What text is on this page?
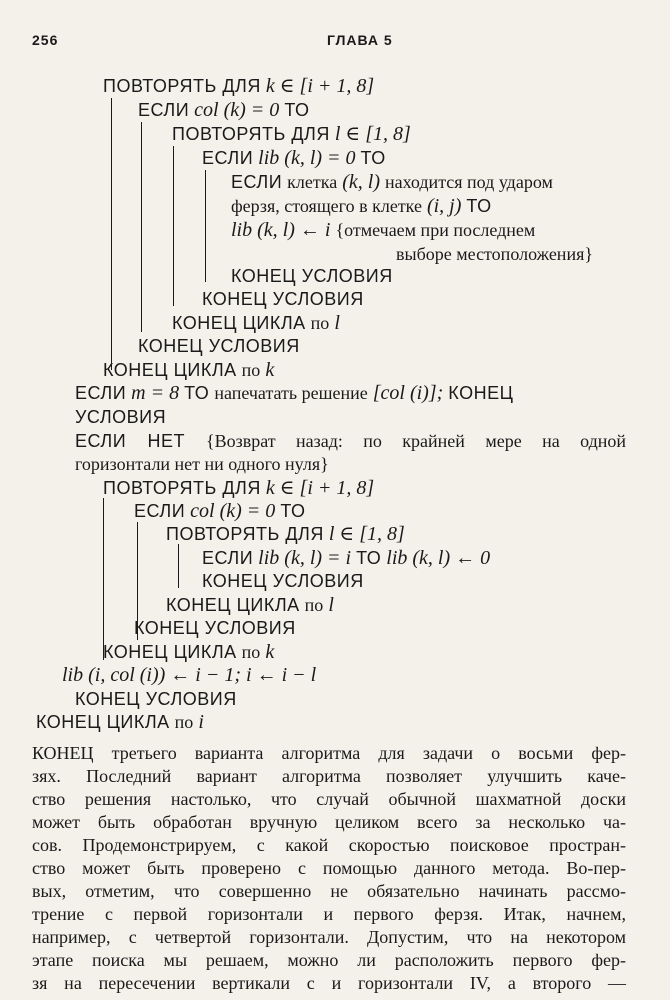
256	ГЛАВА 5
ПОВТОРЯТЬ ДЛЯ k ∈ [i + 1, 8]
ЕСЛИ col (k) = 0 ТО
ПОВТОРЯТЬ ДЛЯ l ∈ [1, 8]
ЕСЛИ lib (k, l) = 0 ТО
ЕСЛИ клетка (k, l) находится под ударом
ферзя, стоящего в клетке (i, j) ТО
lib (k, l) ← i {отмечаем при последнем
выборе местоположения}
КОНЕЦ УСЛОВИЯ
КОНЕЦ УСЛОВИЯ
КОНЕЦ ЦИКЛА по l
КОНЕЦ УСЛОВИЯ
КОНЕЦ ЦИКЛА по k
ЕСЛИ m = 8 ТО напечатать решение [col (i)]; КОНЕЦ
УСЛОВИЯ
ЕСЛИ НЕТ {Возврат назад: по крайней мере на одной
горизонтали нет ни одного нуля}
ПОВТОРЯТЬ ДЛЯ k ∈ [i + 1, 8]
ЕСЛИ col (k) = 0 ТО
ПОВТОРЯТЬ ДЛЯ l ∈ [1, 8]
ЕСЛИ lib (k, l) = i ТО lib (k, l) ← 0
КОНЕЦ УСЛОВИЯ
КОНЕЦ ЦИКЛА по l
КОНЕЦ УСЛОВИЯ
КОНЕЦ ЦИКЛА по k
lib (i, col (i)) ← i − 1; i ← i − l
КОНЕЦ УСЛОВИЯ
КОНЕЦ ЦИКЛА по i
КОНЕЦ третьего варианта алгоритма для задачи о восьми фер-
зях. Последний вариант алгоритма позволяет улучшить каче-
ство решения настолько, что случай обычной шахматной доски
может быть обработан вручную целиком всего за несколько ча-
сов. Продемонстрируем, с какой скоростью поисковое простран-
ство может быть проверено с помощью данного метода. Во-пер-
вых, отметим, что совершенно не обязательно начинать рассмо-
трение с первой горизонтали и первого ферзя. Итак, начнем,
например, с четвертой горизонтали. Допустим, что на некотором
этапе поиска мы решаем, можно ли расположить первого фер-
зя на пересечении вертикали c и горизонтали IV, а второго —
